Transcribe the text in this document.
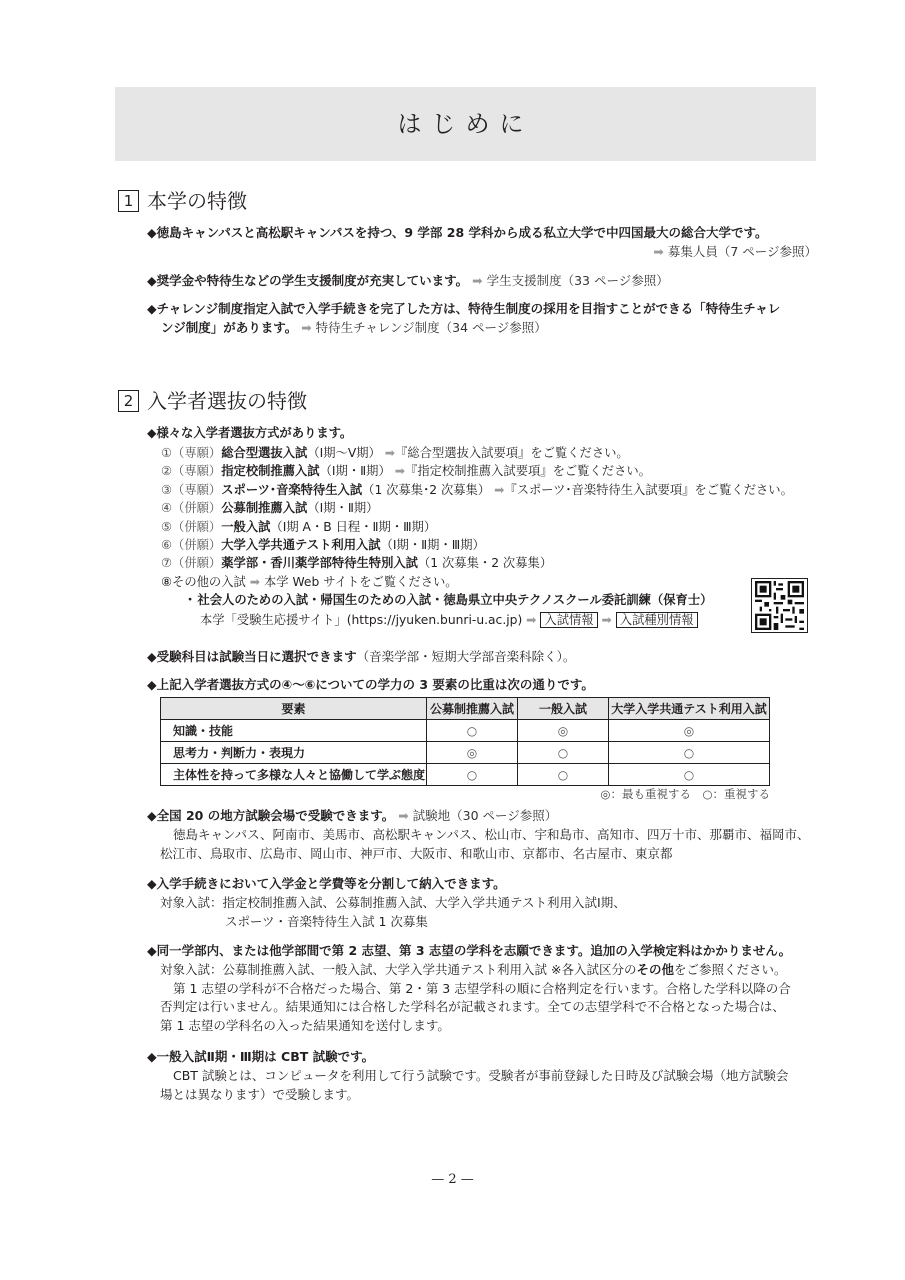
はじめに
1 本学の特徴
◆徳島キャンパスと高松駅キャンパスを持つ、9 学部 28 学科から成る私立大学で中四国最大の総合大学です。
➡ 募集人員（7 ページ参照）
◆奨学金や特待生などの学生支援制度が充実しています。 ➡ 学生支援制度（33 ページ参照）
◆チャレンジ制度指定入試で入学手続きを完了した方は、特待生制度の採用を目指すことができる「特待生チャレ
ンジ制度」があります。 ➡ 特待生チャレンジ制度（34 ページ参照）
2 入学者選抜の特徴
◆様々な入学者選抜方式があります。
①（専願）総合型選抜入試（Ⅰ期〜Ⅴ期） ➡『総合型選抜入試要項』をご覧ください。
②（専願）指定校制推薦入試（Ⅰ期・Ⅱ期） ➡『指定校制推薦入試要項』をご覧ください。
③（専願）スポーツ･音楽特待生入試（1 次募集･2 次募集） ➡『スポーツ･音楽特待生入試要項』をご覧ください。
④（併願）公募制推薦入試（Ⅰ期・Ⅱ期）
⑤（併願）一般入試（Ⅰ期 A・B 日程・Ⅱ期・Ⅲ期）
⑥（併願）大学入学共通テスト利用入試（Ⅰ期・Ⅱ期・Ⅲ期）
⑦（併願）薬学部・香川薬学部特待生特別入試（1 次募集・2 次募集）
⑧その他の入試 ➡ 本学 Web サイトをご覧ください。
･ 社会人のための入試・帰国生のための入試・徳島県立中央テクノスクール委託訓練（保育士）
本学「受験生応援サイト」(https://jyuken.bunri-u.ac.jp) ➡ 入試情報 ➡ 入試種別情報
◆受験科目は試験当日に選択できます（音楽学部・短期大学部音楽科除く）。
◆上記入学者選抜方式の④〜⑥についての学力の 3 要素の比重は次の通りです。
要素	公募制推薦入試	一般入試	大学入学共通テスト利用入試
知識・技能	○	◎	◎
思考力・判断力・表現力	◎	○	○
主体性を持って多様な人々と協働して学ぶ態度	○	○	○
◎：最も重視する　○：重視する
◆全国 20 の地方試験会場で受験できます。 ➡ 試験地（30 ページ参照）
徳島キャンパス、阿南市、美馬市、高松駅キャンパス、松山市、宇和島市、高知市、四万十市、那覇市、福岡市、
松江市、鳥取市、広島市、岡山市、神戸市、大阪市、和歌山市、京都市、名古屋市、東京都
◆入学手続きにおいて入学金と学費等を分割して納入できます。
対象入試：指定校制推薦入試、公募制推薦入試、大学入学共通テスト利用入試Ⅰ期、
スポーツ・音楽特待生入試 1 次募集
◆同一学部内、または他学部間で第 2 志望、第 3 志望の学科を志願できます。追加の入学検定料はかかりません。
対象入試：公募制推薦入試、一般入試、大学入学共通テスト利用入試 ※各入試区分のその他をご参照ください。
第 1 志望の学科が不合格だった場合、第 2・第 3 志望学科の順に合格判定を行います。合格した学科以降の合
否判定は行いません。結果通知には合格した学科名が記載されます。全ての志望学科で不合格となった場合は、
第 1 志望の学科名の入った結果通知を送付します。
◆一般入試Ⅱ期・Ⅲ期は CBT 試験です。
CBT 試験とは、コンピュータを利用して行う試験です。受験者が事前登録した日時及び試験会場（地方試験会
場とは異なります）で受験します。
— 2 —
